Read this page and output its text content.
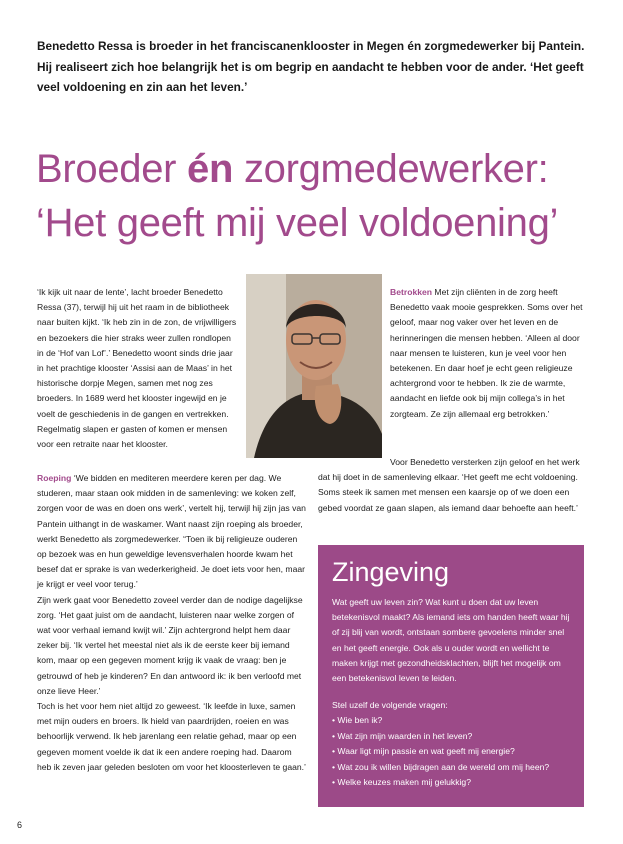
Benedetto Ressa is broeder in het franciscanenklooster in Megen én zorgmedewerker bij Pantein. Hij realiseert zich hoe belangrijk het is om begrip en aandacht te hebben voor de ander. ‘Het geeft veel voldoening en zin aan het leven.’

Broeder én zorgmedewerker:
‘Het geeft mij veel voldoening’

‘Ik kijk uit naar de lente’, lacht broeder Benedetto Ressa (37), terwijl hij uit het raam in de bibliotheek naar buiten kijkt. ‘Ik heb zin in de zon, de vrijwilligers en bezoekers die hier straks weer zullen rondlopen in de ‘Hof van Lof’.’ Benedetto woont sinds drie jaar in het prachtige klooster ‘Assisi aan de Maas’ in het historische dorpje Megen, samen met nog zes broeders. In 1689 werd het klooster ingewijd en je voelt de geschiedenis in de gangen en vertrekken. Regelmatig slapen er gasten of komen er mensen voor een retraite naar het klooster.

Roeping ‘We bidden en mediteren meerdere keren per dag. We studeren, maar staan ook midden in de samenleving: we koken zelf, zorgen voor de was en doen ons werk’, vertelt hij, terwijl hij zijn jas van Pantein uithangt in de waskamer. Want naast zijn roeping als broeder, werkt Benedetto als zorgmedewerker. “Toen ik bij religieuze ouderen op bezoek was en hun geweldige levensverhalen hoorde kwam het besef dat er sprake is van wederkerigheid. Je doet iets voor hen, maar je krijgt er veel voor terug.’
Zijn werk gaat voor Benedetto zoveel verder dan de nodige dagelijkse zorg. ‘Het gaat juist om de aandacht, luisteren naar welke zorgen of wat voor verhaal iemand kwijt wil.’ Zijn achtergrond helpt hem daar zeker bij. ‘Ik vertel het meestal niet als ik de eerste keer bij iemand kom, maar op een gegeven moment krijg ik vaak de vraag: ben je getrouwd of heb je kinderen? En dan antwoord ik: ik ben verloofd met onze lieve Heer.’
Toch is het voor hem niet altijd zo geweest. ‘Ik leefde in luxe, samen met mijn ouders en broers. Ik hield van paardrijden, roeien en was behoorlijk verwend. Ik heb jarenlang een relatie gehad, maar op een gegeven moment voelde ik dat ik een andere roeping had. Daarom heb ik zeven jaar geleden besloten om voor het kloosterleven te gaan.’

Betrokken Met zijn cliënten in de zorg heeft Benedetto vaak mooie gesprekken. Soms over het geloof, maar nog vaker over het leven en de herinneringen die mensen hebben. ‘Alleen al door naar mensen te luisteren, kun je veel voor hen betekenen. En daar hoef je echt geen religieuze achtergrond voor te hebben. Ik zie de warmte, aandacht en liefde ook bij mijn collega’s in het zorgteam. Ze zijn allemaal erg betrokken.’

Voor Benedetto versterken zijn geloof en het werk dat hij doet in de samenleving elkaar. ‘Het geeft me echt voldoening. Soms steek ik samen met mensen een kaarsje op of we doen een gebed voordat ze gaan slapen, als iemand daar behoefte aan heeft.’

Zingeving

Wat geeft uw leven zin? Wat kunt u doen dat uw leven betekenisvol maakt? Als iemand iets om handen heeft waar hij of zij blij van wordt, ontstaan sombere gevoelens minder snel en het geeft energie. Ook als u ouder wordt en wellicht te maken krijgt met gezondheidsklachten, blijft het mogelijk om een betekenisvol leven te leiden.

Stel uzelf de volgende vragen:

• Wie ben ik?
• Wat zijn mijn waarden in het leven?
• Waar ligt mijn passie en wat geeft mij energie?
• Wat zou ik willen bijdragen aan de wereld om mij heen?
• Welke keuzes maken mij gelukkig?
6
